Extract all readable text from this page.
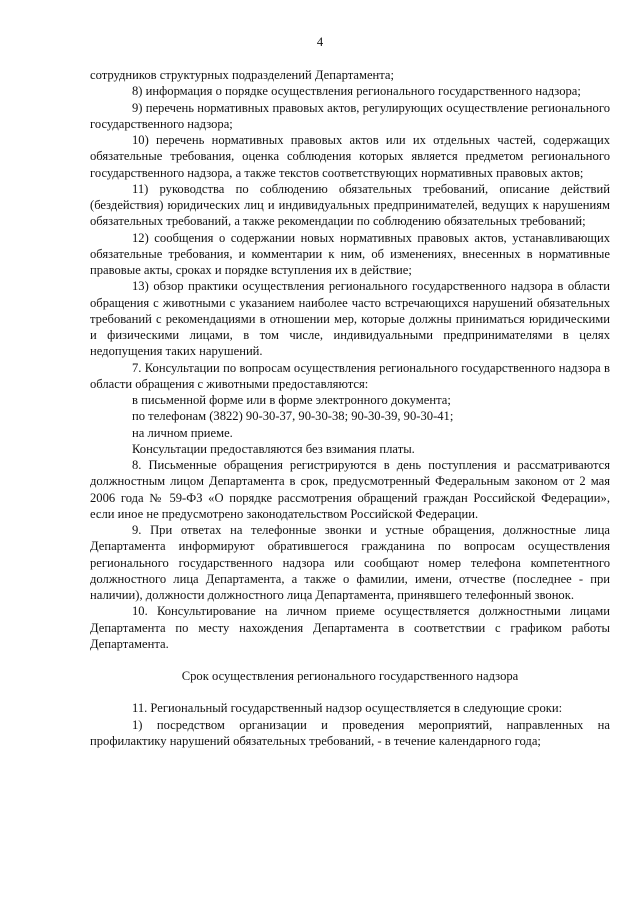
4

сотрудников структурных подразделений Департамента;

8) информация о порядке осуществления регионального государственного надзора;

9) перечень нормативных правовых актов, регулирующих осуществление регионального государственного надзора;

10) перечень нормативных правовых актов или их отдельных частей, содержащих обязательные требования, оценка соблюдения которых является предметом регионального государственного надзора, а также текстов соответствующих нормативных правовых актов;

11) руководства по соблюдению обязательных требований, описание действий (бездействия) юридических лиц и индивидуальных предпринимателей, ведущих к нарушениям обязательных требований, а также рекомендации по соблюдению обязательных требований;

12) сообщения о содержании новых нормативных правовых актов, устанавливающих обязательные требования, и комментарии к ним, об изменениях, внесенных в нормативные правовые акты, сроках и порядке вступления их в действие;

13) обзор практики осуществления регионального государственного надзора в области обращения с животными с указанием наиболее часто встречающихся нарушений обязательных требований с рекомендациями в отношении мер, которые должны приниматься юридическими и физическими лицами, в том числе, индивидуальными предпринимателями в целях недопущения таких нарушений.

7. Консультации по вопросам осуществления регионального государственного надзора в области обращения с животными предоставляются:

в письменной форме или в форме электронного документа;

по телефонам (3822) 90-30-37, 90-30-38; 90-30-39, 90-30-41;

на личном приеме.

Консультации предоставляются без взимания платы.

8. Письменные обращения регистрируются в день поступления и рассматриваются должностным лицом Департамента в срок, предусмотренный Федеральным законом от 2 мая 2006 года № 59-ФЗ «О порядке рассмотрения обращений граждан Российской Федерации», если иное не предусмотрено законодательством Российской Федерации.

9. При ответах на телефонные звонки и устные обращения, должностные лица Департамента информируют обратившегося гражданина по вопросам осуществления регионального государственного надзора или сообщают номер телефона компетентного должностного лица Департамента, а также о фамилии, имени, отчестве (последнее - при наличии), должности должностного лица Департамента, принявшего телефонный звонок.

10. Консультирование на личном приеме осуществляется должностными лицами Департамента по месту нахождения Департамента в соответствии с графиком работы Департамента.

Срок осуществления регионального государственного надзора

11. Региональный государственный надзор осуществляется в следующие сроки:

1) посредством организации и проведения мероприятий, направленных на профилактику нарушений обязательных требований, - в течение календарного года;
